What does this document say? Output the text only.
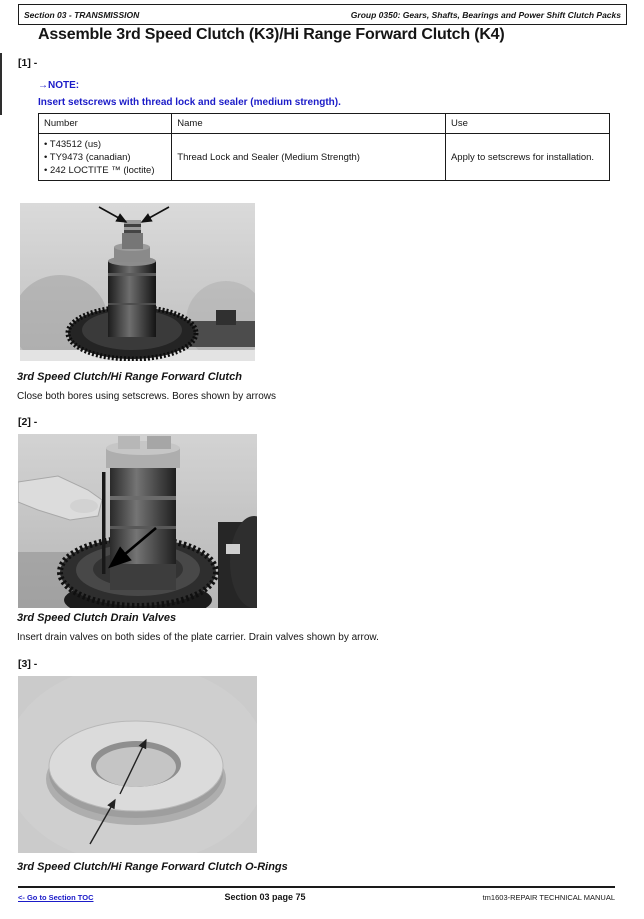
Section 03 - TRANSMISSION	Group 0350: Gears, Shafts, Bearings and Power Shift Clutch Packs
Assemble 3rd Speed Clutch (K3)/Hi Range Forward Clutch (K4)
[1] -
→NOTE:
Insert setscrews with thread lock and sealer (medium strength).
Number	Name	Use

• T43512 (us)
• TY9473 (canadian)
• 242 LOCTITE ™ (loctite)	Thread Lock and Sealer (Medium Strength)	Apply to setscrews for installation.
3rd Speed Clutch/Hi Range Forward Clutch
Close both bores using setscrews. Bores shown by arrows
[2] -
3rd Speed Clutch Drain Valves
Insert drain valves on both sides of the plate carrier. Drain valves shown by arrow.
[3] -
3rd Speed Clutch/Hi Range Forward Clutch O-Rings
<- Go to Section TOC	Section 03 page 75	tm1603-REPAIR TECHNICAL MANUAL
